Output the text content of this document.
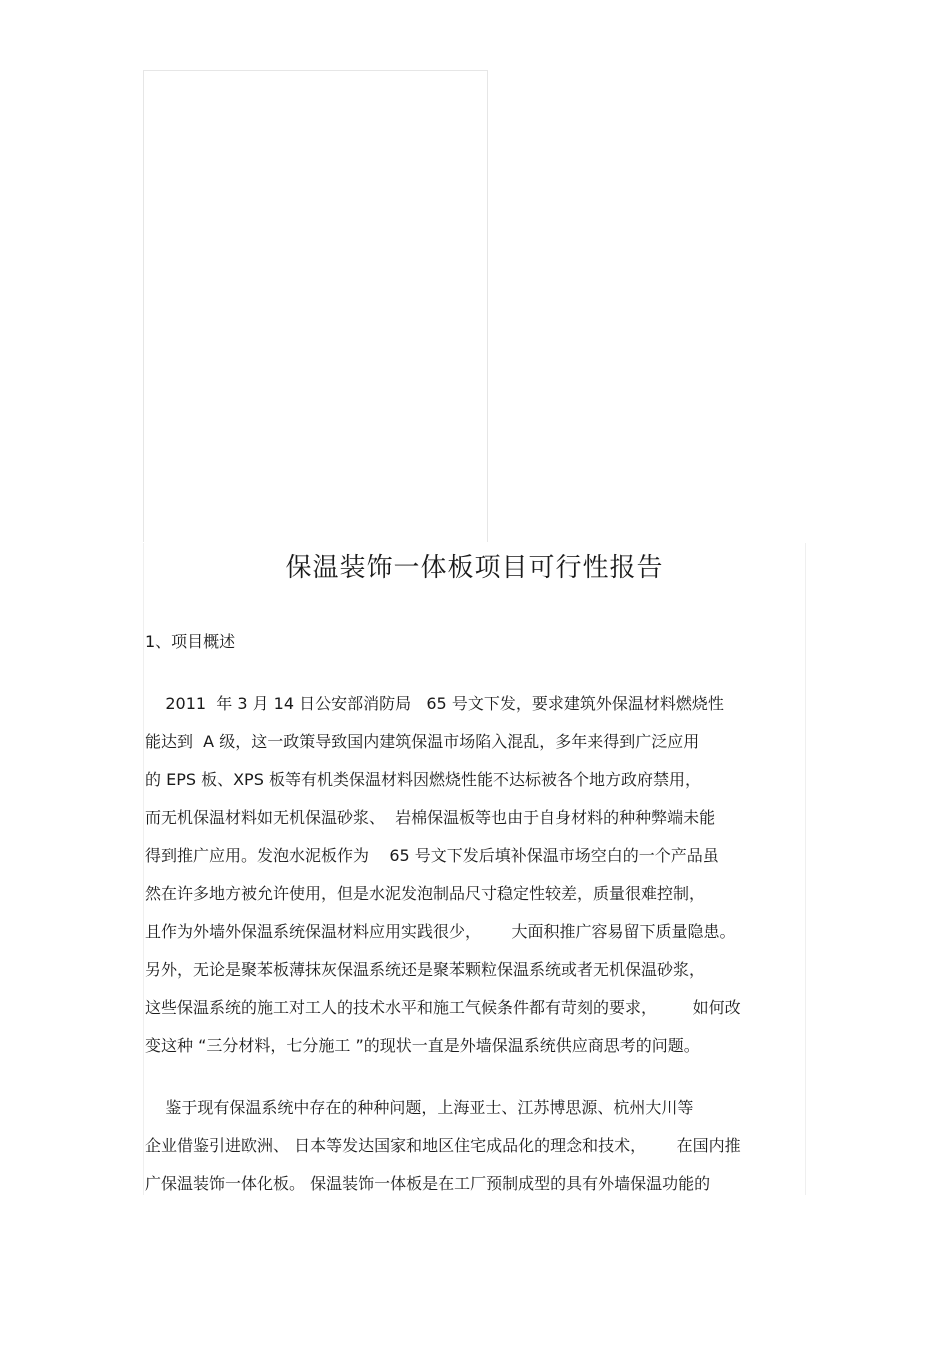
保温装饰一体板项目可行性报告
1、项目概述
2011  年 3 月 14 日公安部消防局   65 号文下发，要求建筑外保温材料燃烧性
能达到  A 级，这一政策导致国内建筑保温市场陷入混乱，多年来得到广泛应用
的 EPS 板、XPS 板等有机类保温材料因燃烧性能不达标被各个地方政府禁用，
而无机保温材料如无机保温砂浆、  岩棉保温板等也由于自身材料的种种弊端未能
得到推广应用。发泡水泥板作为    65 号文下发后填补保温市场空白的一个产品虽
然在许多地方被允许使用，但是水泥发泡制品尺寸稳定性较差，质量很难控制，
且作为外墙外保温系统保温材料应用实践很少，      大面积推广容易留下质量隐患。
另外，无论是聚苯板薄抹灰保温系统还是聚苯颗粒保温系统或者无机保温砂浆，
这些保温系统的施工对工人的技术水平和施工气候条件都有苛刻的要求，       如何改
变这种 “三分材料，七分施工 ”的现状一直是外墙保温系统供应商思考的问题。
鉴于现有保温系统中存在的种种问题，上海亚士、江苏博思源、杭州大川等
企业借鉴引进欧洲、 日本等发达国家和地区住宅成品化的理念和技术，      在国内推
广保温装饰一体化板。 保温装饰一体板是在工厂预制成型的具有外墙保温功能的
